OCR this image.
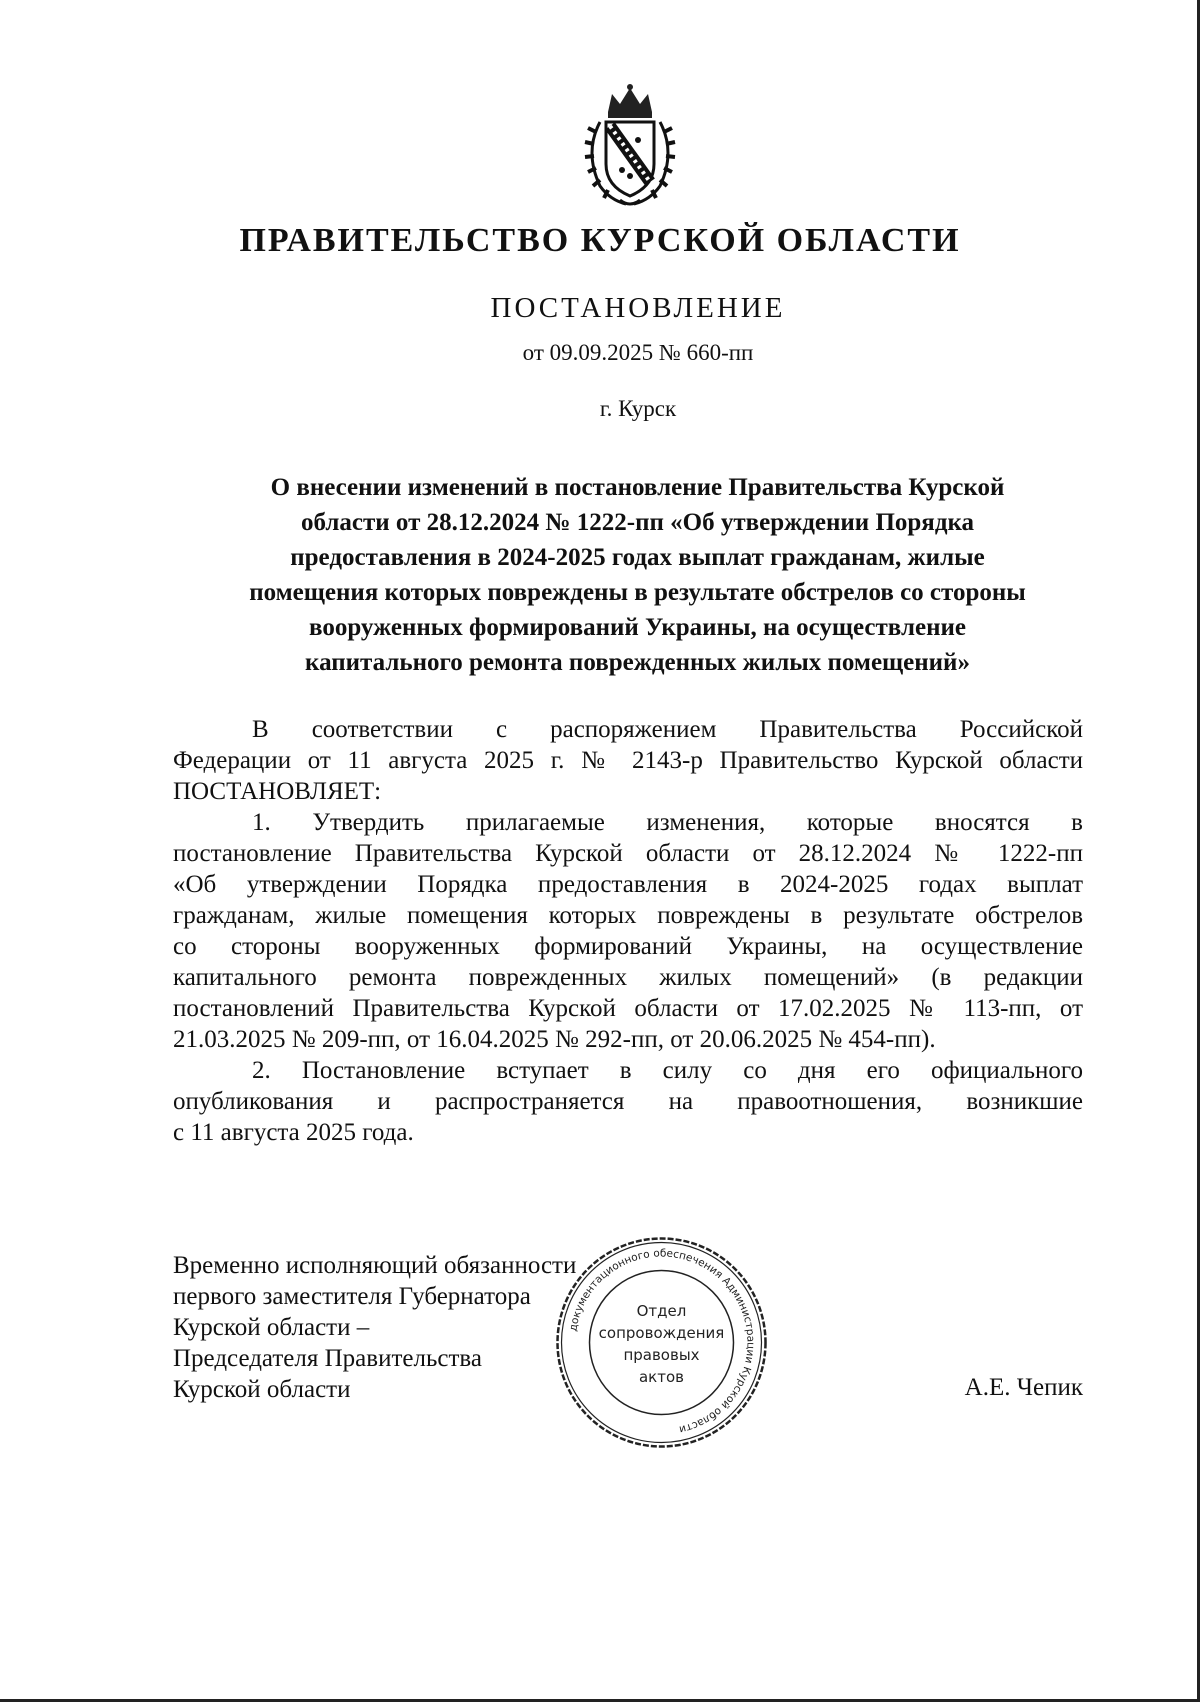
ПРАВИТЕЛЬСТВО КУРСКОЙ ОБЛАСТИ
ПОСТАНОВЛЕНИЕ
от 09.09.2025 № 660-пп
г. Курск
О внесении изменений в постановление Правительства Курской
области от 28.12.2024 № 1222-пп «Об утверждении Порядка
предоставления в 2024-2025 годах выплат гражданам, жилые
помещения которых повреждены в результате обстрелов со стороны
вооруженных формирований Украины, на осуществление
капитального ремонта поврежденных жилых помещений»
В соответствии с распоряжением Правительства Российской
Федерации от 11 августа 2025 г. № 2143-р Правительство Курской области
ПОСТАНОВЛЯЕТ:
1. Утвердить прилагаемые изменения, которые вносятся в
постановление Правительства Курской области от 28.12.2024 № 1222-пп
«Об утверждении Порядка предоставления в 2024-2025 годах выплат
гражданам, жилые помещения которых повреждены в результате обстрелов
со стороны вооруженных формирований Украины, на осуществление
капитального ремонта поврежденных жилых помещений» (в редакции
постановлений Правительства Курской области от 17.02.2025 № 113-пп, от
21.03.2025 № 209-пп, от 16.04.2025 № 292-пп, от 20.06.2025 № 454-пп).
2. Постановление вступает в силу со дня его официального
опубликования и распространяется на правоотношения, возникшие
с 11 августа 2025 года.
Временно исполняющий обязанности
первого заместителя Губернатора
Курской области –
Председателя Правительства
Курской области	А.Е. Чепик
документационного обеспечения Администрации Курской области
Отдел
сопровождения
правовых
актов
